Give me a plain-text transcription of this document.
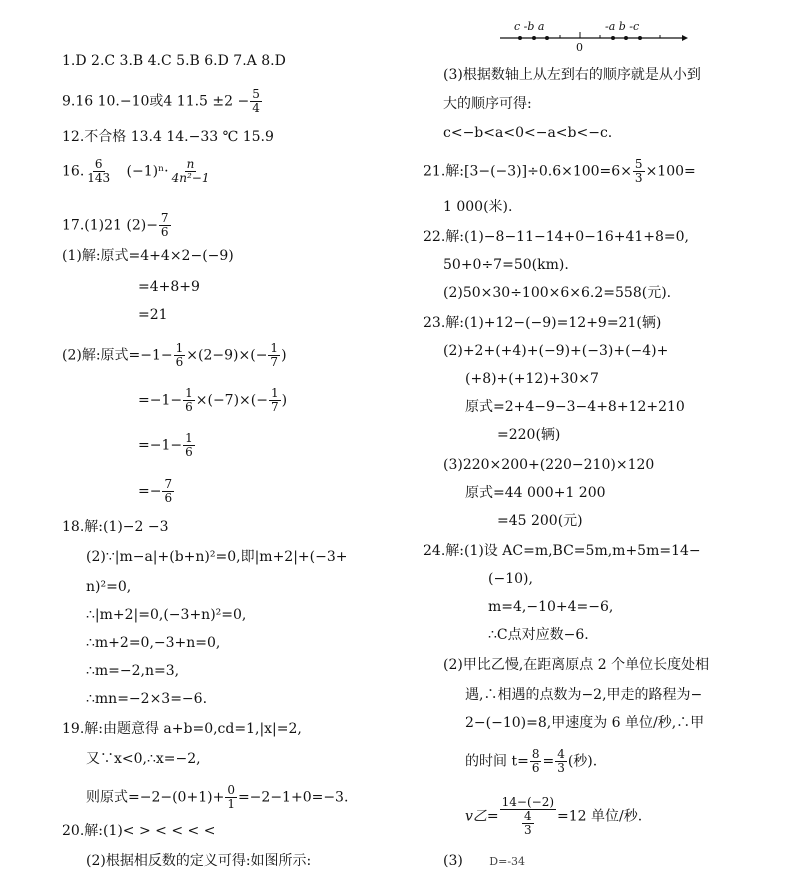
1.D 2.C 3.B 4.C 5.B 6.D 7.A 8.D
9.16 10.−10或4 $11.5 \pm 2 - \frac{5}{4}$
12.不合格 13.4 14.−33 ℃ 15.9
16. $\frac{6}{143} (-1)^n\cdot \frac{n}{\text{4n²−1}}$
17.(1)21 $(2)- \frac{7}{6}$
(1)解:原式=4+4×2−(−9)
=4+8+9
=21
(2)解:原式$=-1- \frac{1}{6} \times(2-9)\times(- \frac{1}{7}$ )
$=-1- \frac{1}{6} \times(-7)\times(- \frac{1}{7}$ )
$=-1- \frac{1}{6}$
=− $\frac{7}{6}$
18.解:(1)−2 −3
(2)∵|m−a|+(b+n)²=0,即|m+2|+(−3+
n)²=0,
∴|m+2|=0,(−3+n)²=0,
∴m+2=0,−3+n=0,
∴m=−2,n=3,
∴mn=−2×3=−6.
19.解:由题意得 a+b=0,cd=1,|x|=2,
又∵x<0,∴x=−2,
则原式$=-2-(0+1)+ \frac{0}{1} =-2-1+0=-3$.
20.解:(1)< > < < < <
(2)根据相反数的定义可得:如图所示:
c -b a	-a b -c
0
(3)根据数轴上从左到右的顺序就是从小到
大的顺序可得:
c<−b<a<0<−a<b<−c.
21.解:[3−(−3)]÷0.6×100=6× $\frac{5}{3} \times 100=$
1 000(米).
22.解:(1)−8−11−14+0−16+41+8=0,
50+0÷7=50(km).
(2)50×30÷100×6×6.2=558(元).
23.解:(1)+12−(−9)=12+9=21(辆)
(2)+2+(+4)+(−9)+(−3)+(−4)+
(+8)+(+12)+30×7
原式=2+4−9−3−4+8+12+210
=220(辆)
(3)220×200+(220−210)×120
原式=44 000+1 200
=45 200(元)
24.解:(1)设 AC=m,BC=5m,m+5m=14−
(−10),
m=4,−10+4=−6,
∴C点对应数−6.
(2)甲比乙慢,在距离原点 2 个单位长度处相
遇,∴相遇的点数为−2,甲走的路程为−
2−(−10)=8,甲速度为 6 单位/秒,∴甲
的时间 $t= \frac{8}{6} = \frac{4}{3}$ (秒).
v乙= $\frac{14-(-2)}{\frac{4}{3}} =12$ 单位/秒.
(3) D=-34
